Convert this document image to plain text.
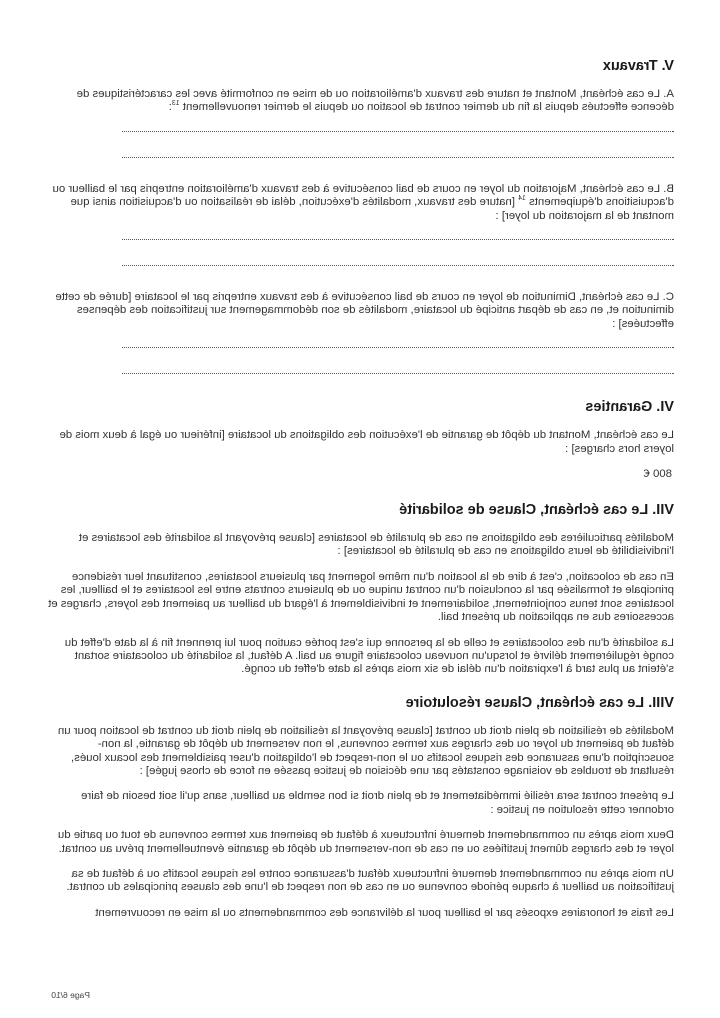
V. Travaux

A. Le cas échéant, Montant et nature des travaux d'amélioration ou de mise en conformité avec les caractéristiques de décence effectués depuis la fin du dernier contrat de location ou depuis le dernier renouvellement $^{13}$:

B. Le cas échéant, Majoration du loyer en cours de bail consécutive à des travaux d'amélioration entrepris par le bailleur ou d'acquisitions d'équipements $^{14}$ [nature des travaux, modalités d'exécution, délai de réalisation ou d'acquisition ainsi que montant de la majoration du loyer] :

C. Le cas échéant, Diminution de loyer en cours de bail consécutive à des travaux entrepris par le locataire [durée de cette diminution et, en cas de départ anticipé du locataire, modalités de son dédommagement sur justification des dépenses effectuées] :

VI. Garanties

Le cas échéant, Montant du dépôt de garantie de l'exécution des obligations du locataire [inférieur ou égal à deux mois de loyers hors charges] :

800 €
VII. Le cas échéant, Clause de solidarité

Modalités particulières des obligations en cas de pluralité de locataires [clause prévoyant la solidarité des locataires et l'indivisibilité de leurs obligations en cas de pluralité de locataires] :

En cas de colocation, c'est à dire de la location d'un même logement par plusieurs locataires, constituant leur résidence principale et formalisée par la conclusion d'un contrat unique ou de plusieurs contrats entre les locataires et le bailleur, les locataires sont tenus conjointement, solidairement et indivisiblement à l'égard du bailleur au paiement des loyers, charges et accessoires dus en application du présent bail.

La solidarité d'un des colocataires et celle de la personne qui s'est portée caution pour lui prennent fin à la date d'effet du congé régulièrement délivré et lorsqu'un nouveau colocataire figure au bail. A défaut, la solidarité du colocataire sortant s'éteint au plus tard à l'expiration d'un délai de six mois après la date d'effet du congé.

VIII. Le cas échéant, Clause résolutoire

Modalités de résiliation de plein droit du contrat [clause prévoyant la résiliation de plein droit du contrat de location pour un défaut de paiement du loyer ou des charges aux termes convenus, le non versement du dépôt de garantie, la non-souscription d'une assurance des risques locatifs ou le non-respect de l'obligation d'user paisiblement des locaux loués, résultant de troubles de voisinage constatés par une décision de justice passée en force de chose jugée] :

Le présent contrat sera résilié immédiatement et de plein droit si bon semble au bailleur, sans qu'il soit besoin de faire ordonner cette résolution en justice :

Deux mois après un commandement demeuré infructueux à défaut de paiement aux termes convenus de tout ou partie du loyer et des charges dûment justifiées ou en cas de non-versement du dépôt de garantie éventuellement prévu au contrat.

Un mois après un commandement demeuré infructueux défaut d'assurance contre les risques locatifs ou à défaut de sa justification au bailleur à chaque période convenue ou en cas de non respect de l'une des clauses principales du contrat.

Les frais et honoraires exposés par le bailleur pour la délivrance des commandements ou la mise en recouvrement

Page 6/10
